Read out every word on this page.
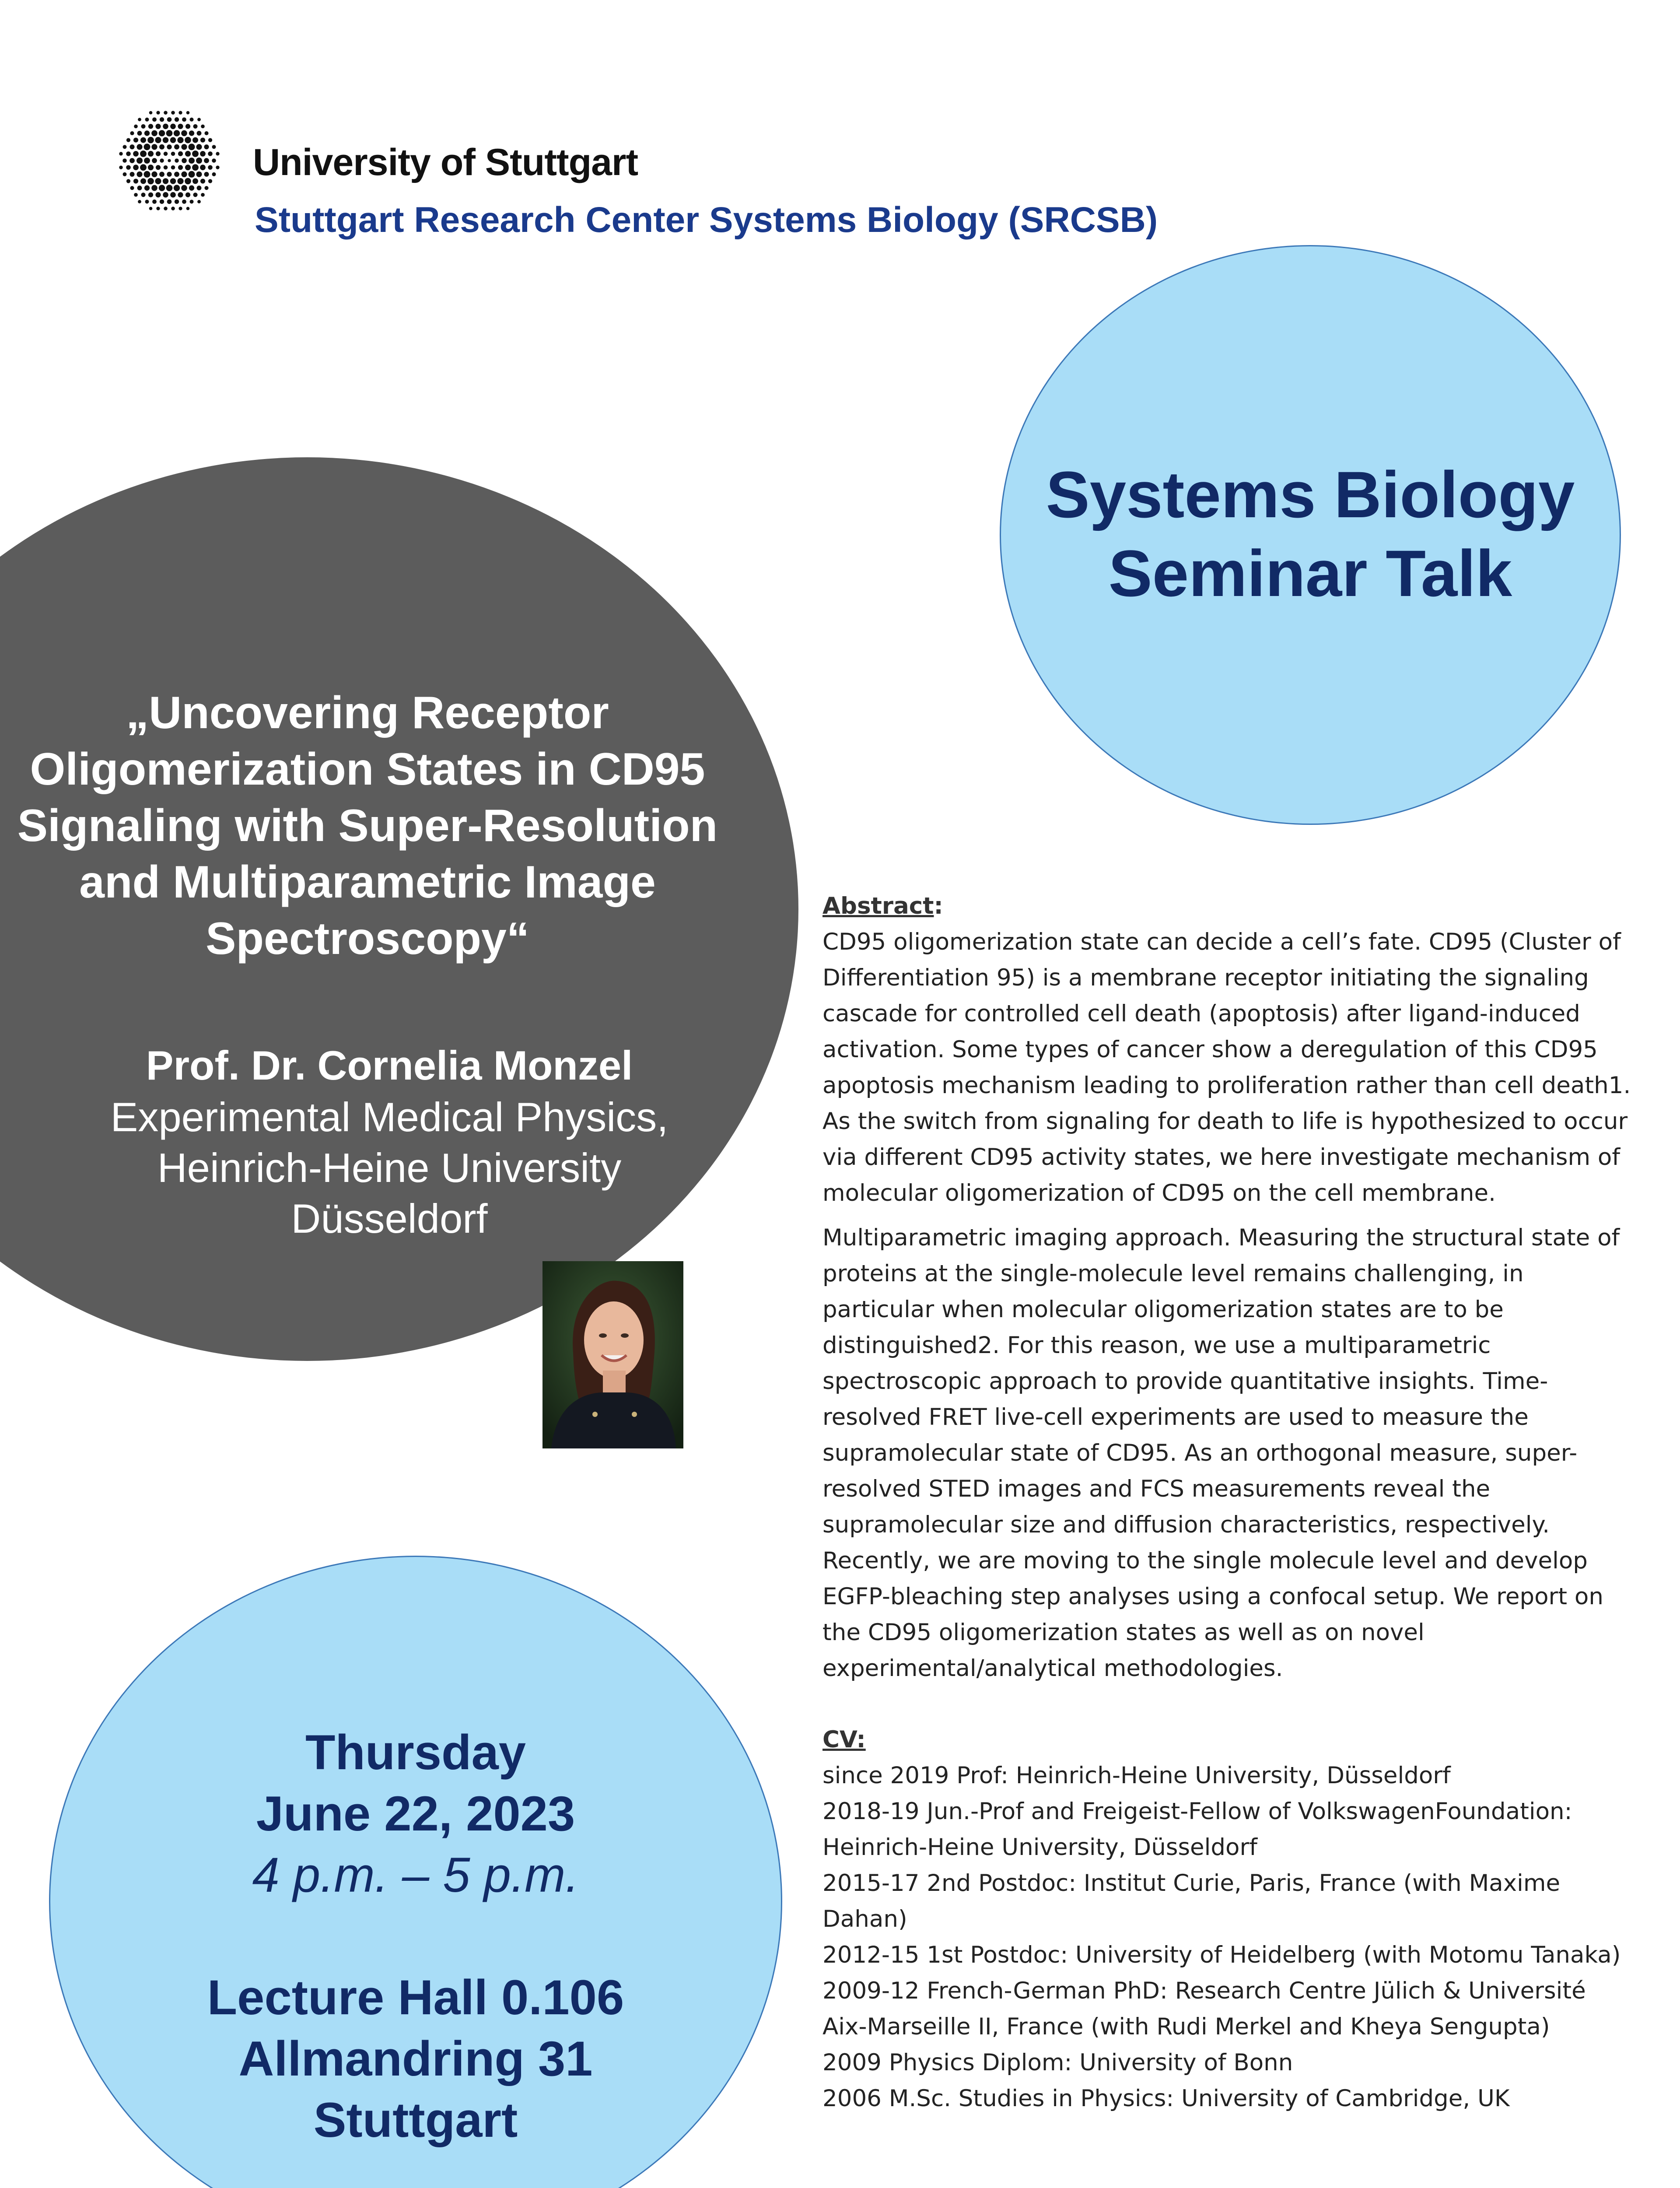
University of Stuttgart
Stuttgart Research Center Systems Biology (SRCSB)
Systems Biology
Seminar Talk
„Uncovering Receptor
Oligomerization States in CD95
Signaling with Super-Resolution
and Multiparametric Image
Spectroscopy“
Prof. Dr. Cornelia Monzel
Experimental Medical Physics,
Heinrich-Heine University
Düsseldorf
Thursday
June 22, 2023
4 p.m. – 5 p.m.
Lecture Hall 0.106
Allmandring 31
Stuttgart
Abstract:
CD95 oligomerization state can decide a cell’s fate. CD95 (Cluster of
Differentiation 95) is a membrane receptor initiating the signaling
cascade for controlled cell death (apoptosis) after ligand-induced
activation. Some types of cancer show a deregulation of this CD95
apoptosis mechanism leading to proliferation rather than cell death1.
As the switch from signaling for death to life is hypothesized to occur
via different CD95 activity states, we here investigate mechanism of
molecular oligomerization of CD95 on the cell membrane.
Multiparametric imaging approach. Measuring the structural state of
proteins at the single-molecule level remains challenging, in
particular when molecular oligomerization states are to be
distinguished2. For this reason, we use a multiparametric
spectroscopic approach to provide quantitative insights. Time-
resolved FRET live-cell experiments are used to measure the
supramolecular state of CD95. As an orthogonal measure, super-
resolved STED images and FCS measurements reveal the
supramolecular size and diffusion characteristics, respectively.
Recently, we are moving to the single molecule level and develop
EGFP-bleaching step analyses using a confocal setup. We report on
the CD95 oligomerization states as well as on novel
experimental/analytical methodologies.
CV:
since 2019 Prof: Heinrich-Heine University, Düsseldorf
2018-19 Jun.-Prof and Freigeist-Fellow of VolkswagenFoundation:
Heinrich-Heine University, Düsseldorf
2015-17 2nd Postdoc: Institut Curie, Paris, France (with Maxime
Dahan)
2012-15 1st Postdoc: University of Heidelberg (with Motomu Tanaka)
2009-12 French-German PhD: Research Centre Jülich & Université
Aix-Marseille II, France (with Rudi Merkel and Kheya Sengupta)
2009 Physics Diplom: University of Bonn
2006 M.Sc. Studies in Physics: University of Cambridge, UK
